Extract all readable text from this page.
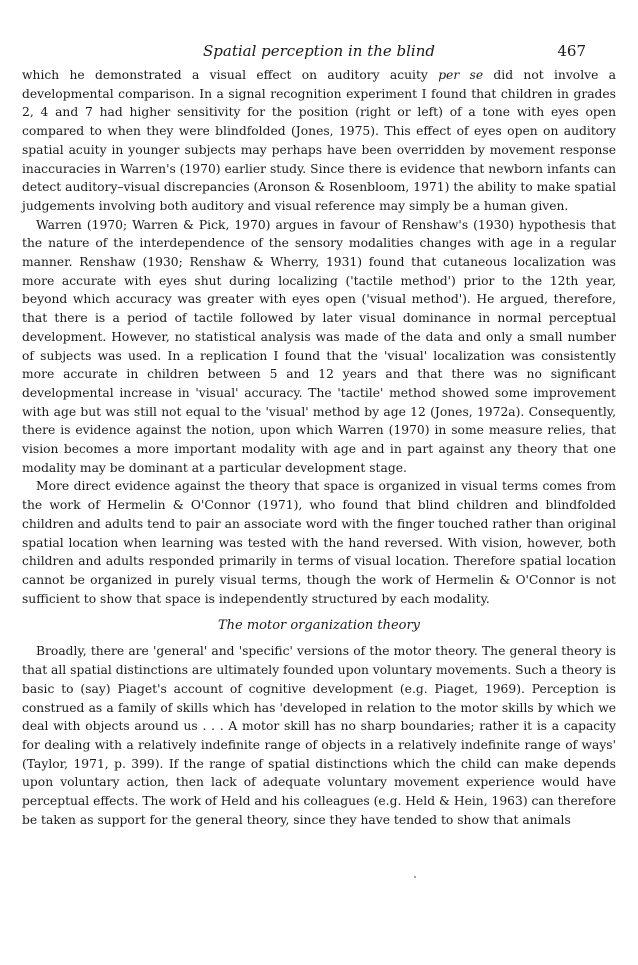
Spatial perception in the blind	467

which he demonstrated a visual effect on auditory acuity per se did not involve a developmental comparison. In a signal recognition experiment I found that children in grades 2, 4 and 7 had higher sensitivity for the position (right or left) of a tone with eyes open compared to when they were blindfolded (Jones, 1975). This effect of eyes open on auditory spatial acuity in younger subjects may perhaps have been overridden by movement response inaccuracies in Warren's (1970) earlier study. Since there is evidence that newborn infants can detect auditory–visual discrepancies (Aronson & Rosenbloom, 1971) the ability to make spatial judgements involving both auditory and visual reference may simply be a human given.

Warren (1970; Warren & Pick, 1970) argues in favour of Renshaw's (1930) hypothesis that the nature of the interdependence of the sensory modalities changes with age in a regular manner. Renshaw (1930; Renshaw & Wherry, 1931) found that cutaneous localization was more accurate with eyes shut during localizing ('tactile method') prior to the 12th year, beyond which accuracy was greater with eyes open ('visual method'). He argued, therefore, that there is a period of tactile followed by later visual dominance in normal perceptual development. However, no statistical analysis was made of the data and only a small number of subjects was used. In a replication I found that the 'visual' localization was consistently more accurate in children between 5 and 12 years and that there was no significant developmental increase in 'visual' accuracy. The 'tactile' method showed some improvement with age but was still not equal to the 'visual' method by age 12 (Jones, 1972a). Consequently, there is evidence against the notion, upon which Warren (1970) in some measure relies, that vision becomes a more important modality with age and in part against any theory that one modality may be dominant at a particular development stage.

More direct evidence against the theory that space is organized in visual terms comes from the work of Hermelin & O'Connor (1971), who found that blind children and blindfolded children and adults tend to pair an associate word with the finger touched rather than original spatial location when learning was tested with the hand reversed. With vision, however, both children and adults responded primarily in terms of visual location. Therefore spatial location cannot be organized in purely visual terms, though the work of Hermelin & O'Connor is not sufficient to show that space is independently structured by each modality.

The motor organization theory

Broadly, there are 'general' and 'specific' versions of the motor theory. The general theory is that all spatial distinctions are ultimately founded upon voluntary movements. Such a theory is basic to (say) Piaget's account of cognitive development (e.g. Piaget, 1969). Perception is construed as a family of skills which has 'developed in relation to the motor skills by which we deal with objects around us . . . A motor skill has no sharp boundaries; rather it is a capacity for dealing with a relatively indefinite range of objects in a relatively indefinite range of ways' (Taylor, 1971, p. 399). If the range of spatial distinctions which the child can make depends upon voluntary action, then lack of adequate voluntary movement experience would have perceptual effects. The work of Held and his colleagues (e.g. Held & Hein, 1963) can therefore be taken as support for the general theory, since they have tended to show that animals
